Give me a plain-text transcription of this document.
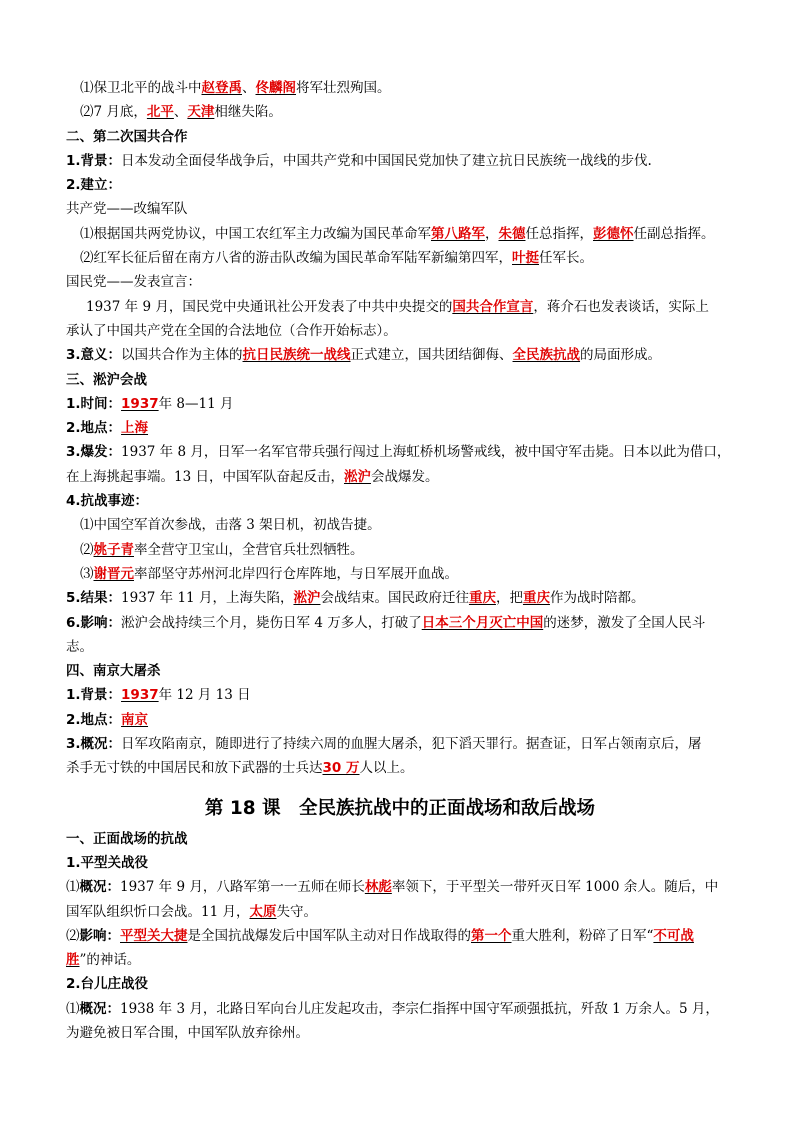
⑴保卫北平的战斗中赵登禹、佟麟阁将军壮烈殉国。
⑵7 月底，北平、天津相继失陷。
二、第二次国共合作
1.背景：日本发动全面侵华战争后，中国共产党和中国国民党加快了建立抗日民族统一战线的步伐.
2.建立：
共产党——改编军队
⑴根据国共两党协议，中国工农红军主力改编为国民革命军第八路军，朱德任总指挥，彭德怀任副总指挥。
⑵红军长征后留在南方八省的游击队改编为国民革命军陆军新编第四军，叶挺任军长。
国民党——发表宣言：
1937 年 9 月，国民党中央通讯社公开发表了中共中央提交的国共合作宣言，蒋介石也发表谈话，实际上
承认了中国共产党在全国的合法地位（合作开始标志）。
3.意义：以国共合作为主体的抗日民族统一战线正式建立，国共团结御侮、全民族抗战的局面形成。
三、淞沪会战
1.时间：1937年 8—11 月
2.地点：上海
3.爆发：1937 年 8 月，日军一名军官带兵强行闯过上海虹桥机场警戒线，被中国守军击毙。日本以此为借口，
在上海挑起事端。13 日，中国军队奋起反击，淞沪会战爆发。
4.抗战事迹：
⑴中国空军首次参战，击落 3 架日机，初战告捷。
⑵姚子青率全营守卫宝山，全营官兵壮烈牺牲。
⑶谢晋元率部坚守苏州河北岸四行仓库阵地，与日军展开血战。
5.结果：1937 年 11 月，上海失陷，淞沪会战结束。国民政府迁往重庆，把重庆作为战时陪都。
6.影响：淞沪会战持续三个月，毙伤日军 4 万多人，打破了日本三个月灭亡中国的迷梦，激发了全国人民斗
志。
四、南京大屠杀
1.背景：1937年 12 月 13 日
2.地点：南京
3.概况：日军攻陷南京，随即进行了持续六周的血腥大屠杀，犯下滔天罪行。据查证，日军占领南京后，屠
杀手无寸铁的中国居民和放下武器的士兵达30 万人以上。
第 18 课　全民族抗战中的正面战场和敌后战场
一、正面战场的抗战
1.平型关战役
⑴概况：1937 年 9 月，八路军第一一五师在师长林彪率领下，于平型关一带歼灭日军 1000 余人。随后，中
国军队组织忻口会战。11 月，太原失守。
⑵影响：平型关大捷是全国抗战爆发后中国军队主动对日作战取得的第一个重大胜利，粉碎了日军“不可战
胜”的神话。
2.台儿庄战役
⑴概况：1938 年 3 月，北路日军向台儿庄发起攻击，李宗仁指挥中国守军顽强抵抗，歼敌 1 万余人。5 月，
为避免被日军合围，中国军队放弃徐州。
